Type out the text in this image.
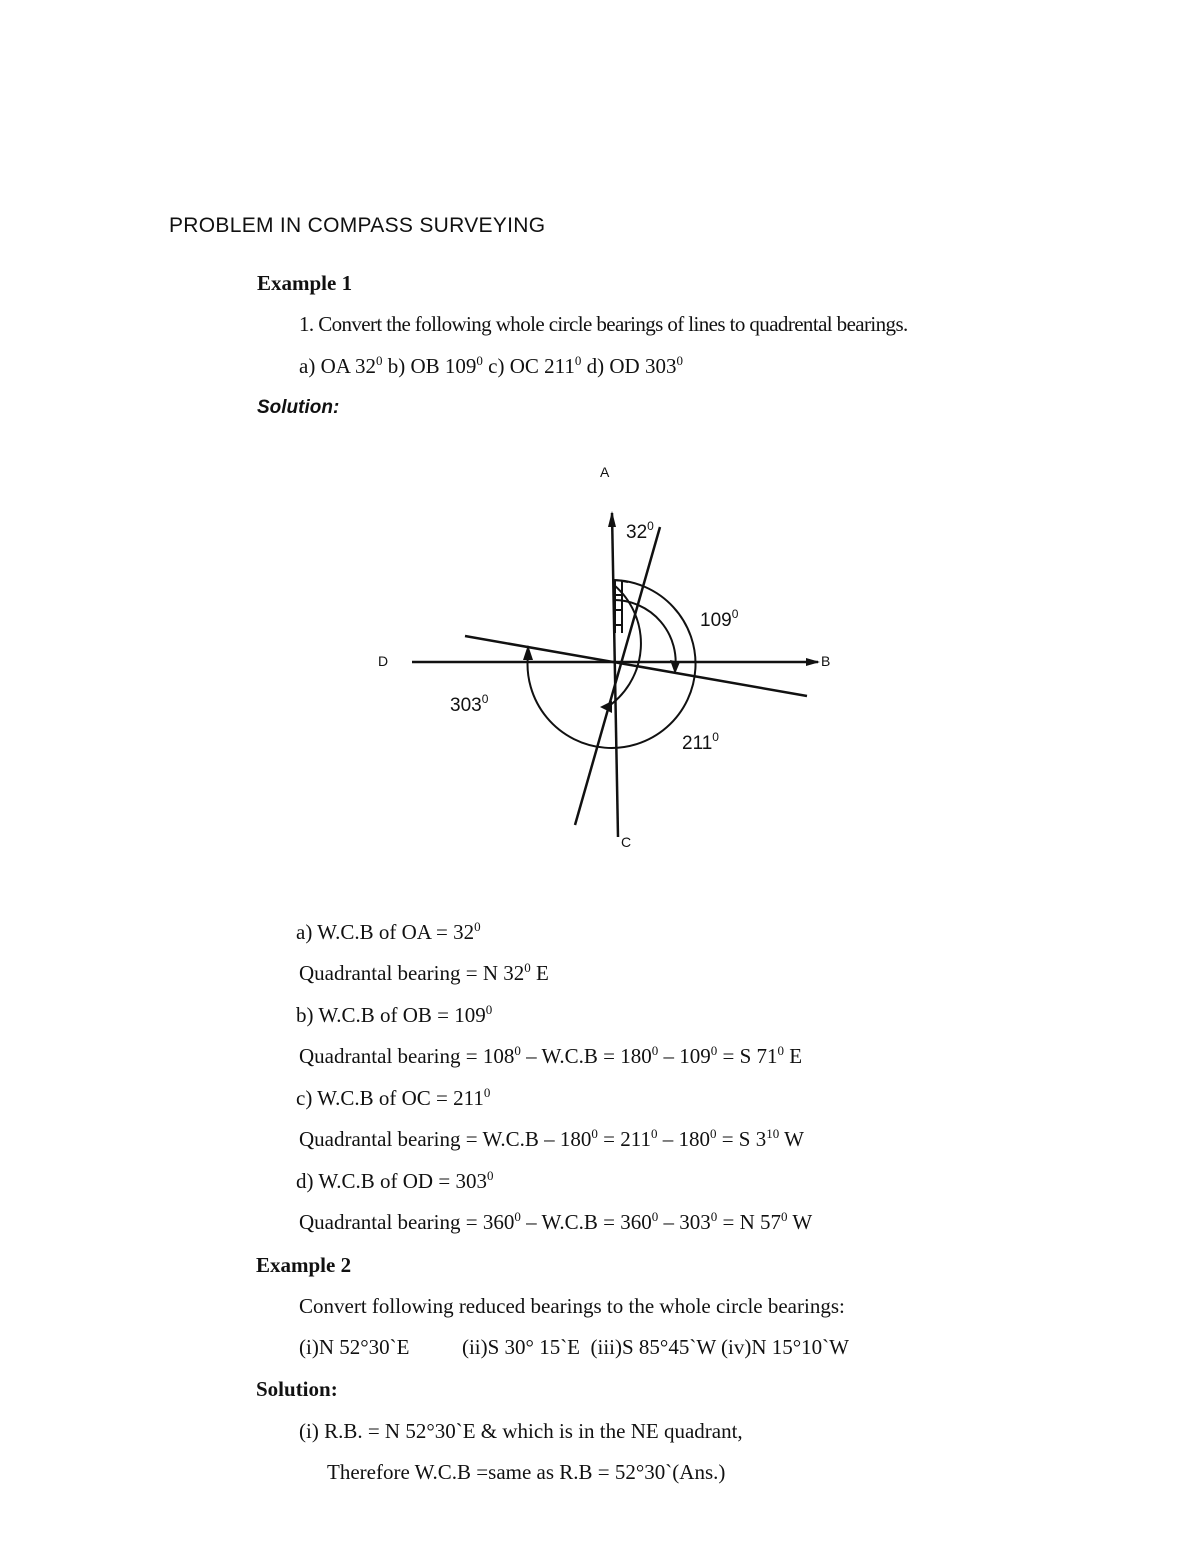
PROBLEM IN COMPASS SURVEYING
Example 1
1. Convert the following whole circle bearings of lines to quadrental bearings.
a) OA $32^0$ b) OB $109^0$ c) OC $211^0$ d) OD $303^0$
Solution:
A
D	B
C
$32^0$
$109^0$
$303^0$
$211^0$
a) W.C.B of OA = $32^0$
Quadrantal bearing = N $32^0$ E
b) W.C.B of OB = $109^0$
Quadrantal bearing = $108^0 - W.C.B = 180^0 - 109^0 = S$ $71^0$ E
c) W.C.B of OC = $211^0$
Quadrantal bearing = $W.C.B - 180^0 = 211^0 - 180^0 = S$ $3^{10}$ W
d) W.C.B of OD = $303^0$
Quadrantal bearing = $360^0 - W.C.B = 360^0 - 303^0 = N$ $57^0$ W
Example 2
Convert following reduced bearings to the whole circle bearings:
(i)N 52°30`E          (ii)S 30° 15`E  (iii)S 85°45`W (iv)N 15°10`W
Solution:
(i) R.B. = N 52°30`E & which is in the NE quadrant,
Therefore W.C.B =same as R.B = 52°30`(Ans.)
